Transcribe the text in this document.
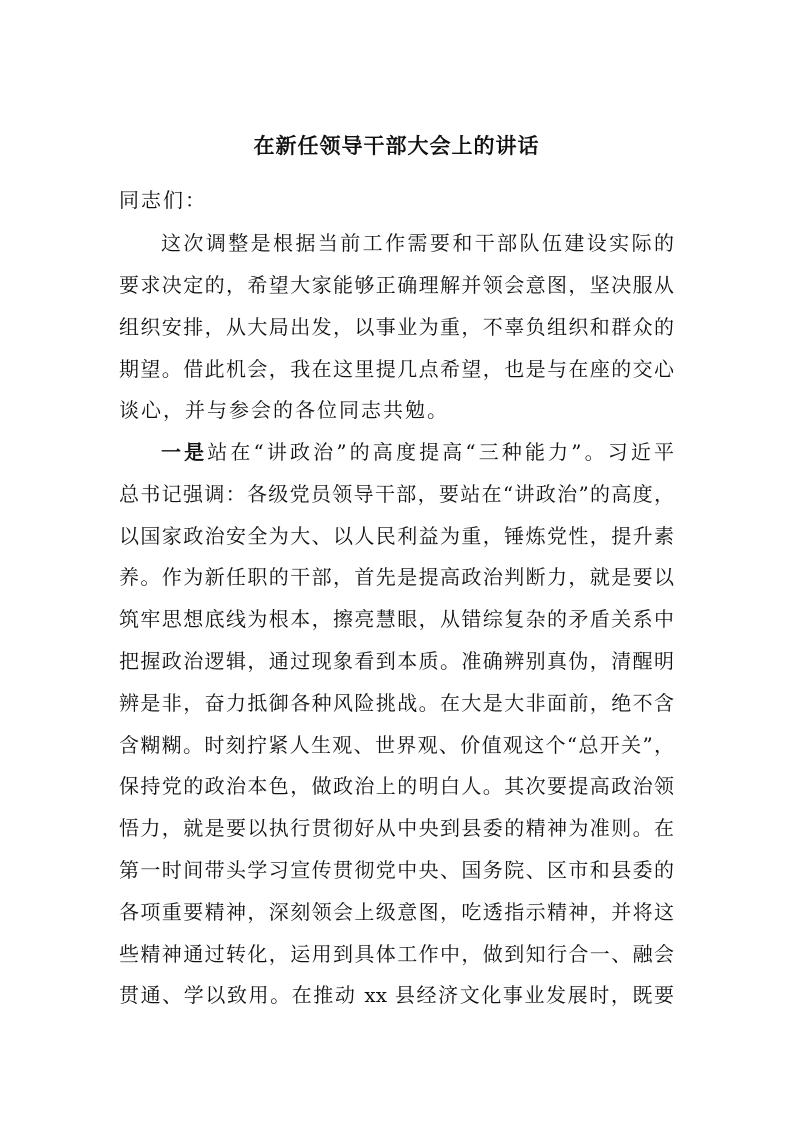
在新任领导干部大会上的讲话
同志们：
这次调整是根据当前工作需要和干部队伍建设实际的
要求决定的，希望大家能够正确理解并领会意图，坚决服从
组织安排，从大局出发，以事业为重，不辜负组织和群众的
期望。借此机会，我在这里提几点希望，也是与在座的交心
谈心，并与参会的各位同志共勉。
一是站在“讲政治”的高度提高“三种能力”。习近平
总书记强调：各级党员领导干部，要站在“讲政治”的高度，
以国家政治安全为大、以人民利益为重，锤炼党性，提升素
养。作为新任职的干部，首先是提高政治判断力，就是要以
筑牢思想底线为根本，擦亮慧眼，从错综复杂的矛盾关系中
把握政治逻辑，通过现象看到本质。准确辨别真伪，清醒明
辨是非，奋力抵御各种风险挑战。在大是大非面前，绝不含
含糊糊。时刻拧紧人生观、世界观、价值观这个“总开关”，
保持党的政治本色，做政治上的明白人。其次要提高政治领
悟力，就是要以执行贯彻好从中央到县委的精神为准则。在
第一时间带头学习宣传贯彻党中央、国务院、区市和县委的
各项重要精神，深刻领会上级意图，吃透指示精神，并将这
些精神通过转化，运用到具体工作中，做到知行合一、融会
贯通、学以致用。在推动 xx 县经济文化事业发展时，既要
